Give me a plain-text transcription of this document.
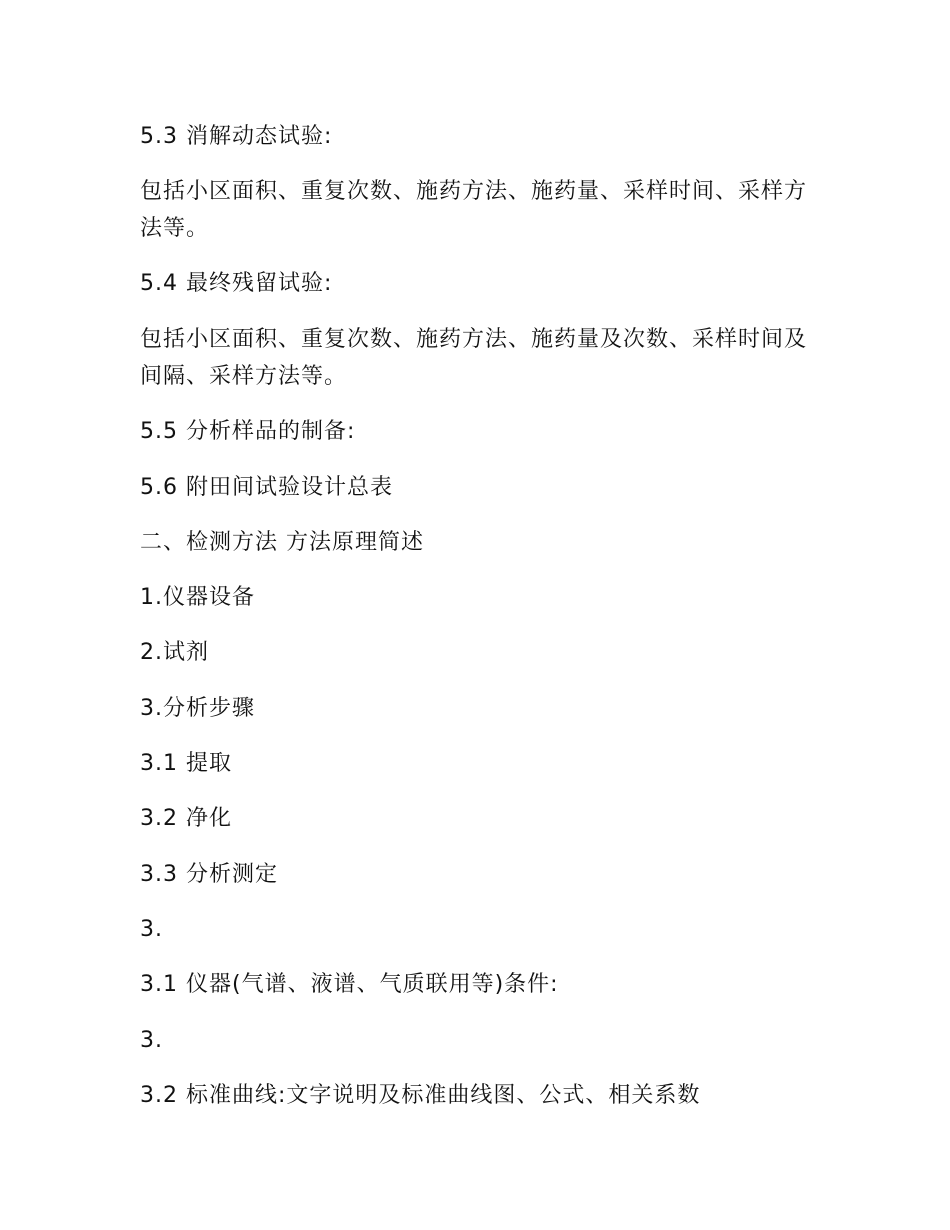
5.3 消解动态试验:
包括小区面积、重复次数、施药方法、施药量、采样时间、采样方法等。
5.4 最终残留试验:
包括小区面积、重复次数、施药方法、施药量及次数、采样时间及间隔、采样方法等。
5.5 分析样品的制备:
5.6 附田间试验设计总表
二、检测方法 方法原理简述
1.仪器设备
2.试剂
3.分析步骤
3.1 提取
3.2 净化
3.3 分析测定
3.
3.1 仪器(气谱、液谱、气质联用等)条件:
3.
3.2 标准曲线:文字说明及标准曲线图、公式、相关系数
